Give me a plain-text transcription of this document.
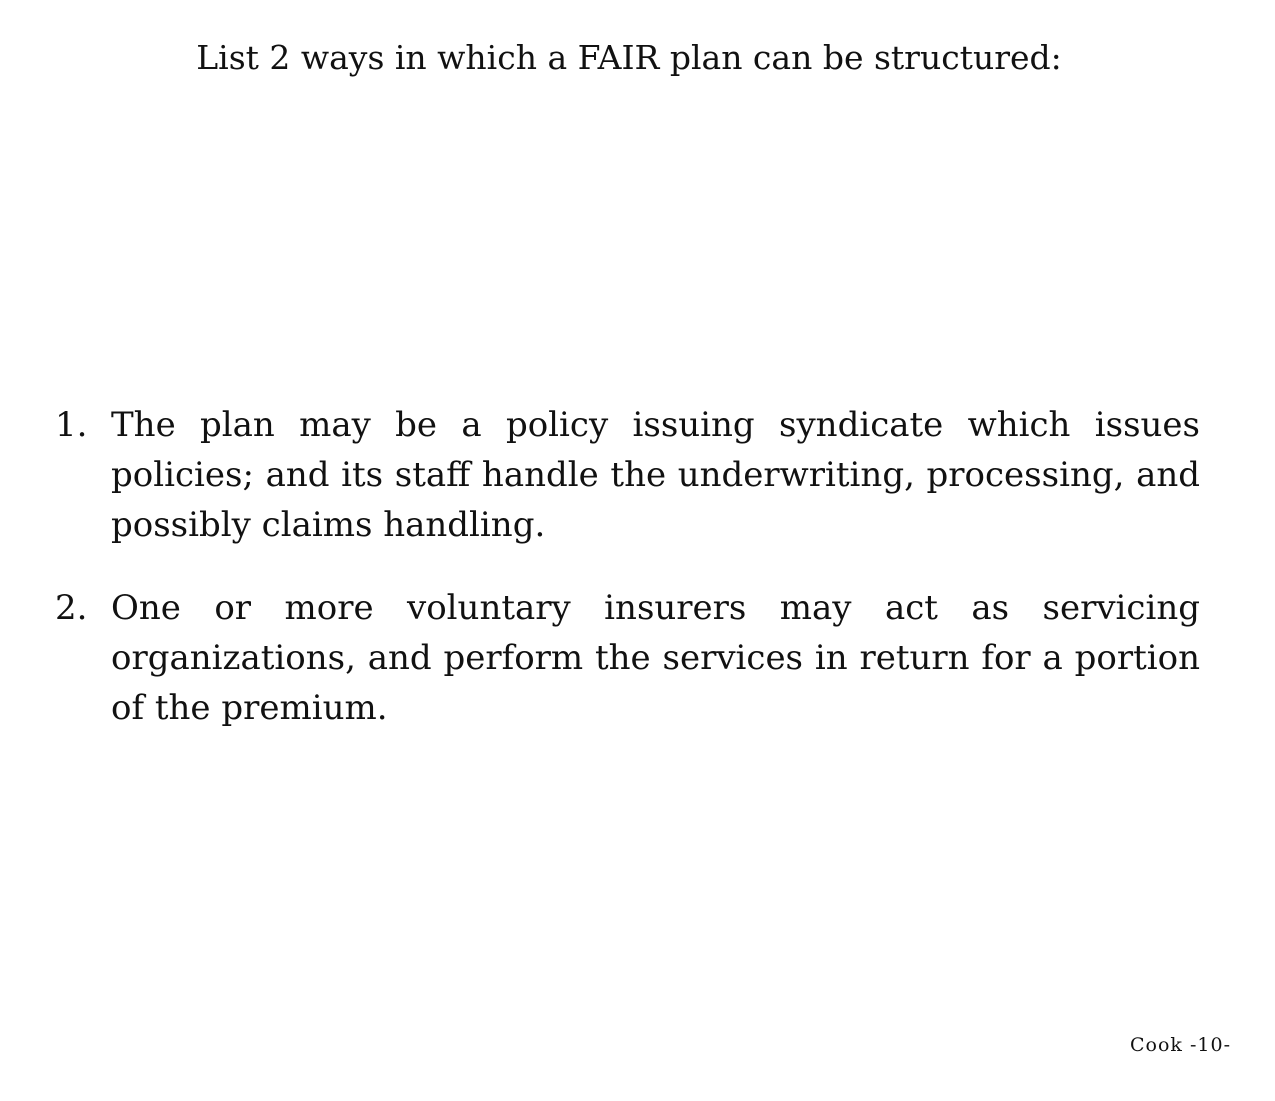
List 2 ways in which a FAIR plan can be structured:
1. The plan may be a policy issuing syndicate which issues policies; and its staff handle the underwriting, processing, and possibly claims handling.
2. One or more voluntary insurers may act as servicing organizations, and perform the services in return for a portion of the premium.
Cook -10-
